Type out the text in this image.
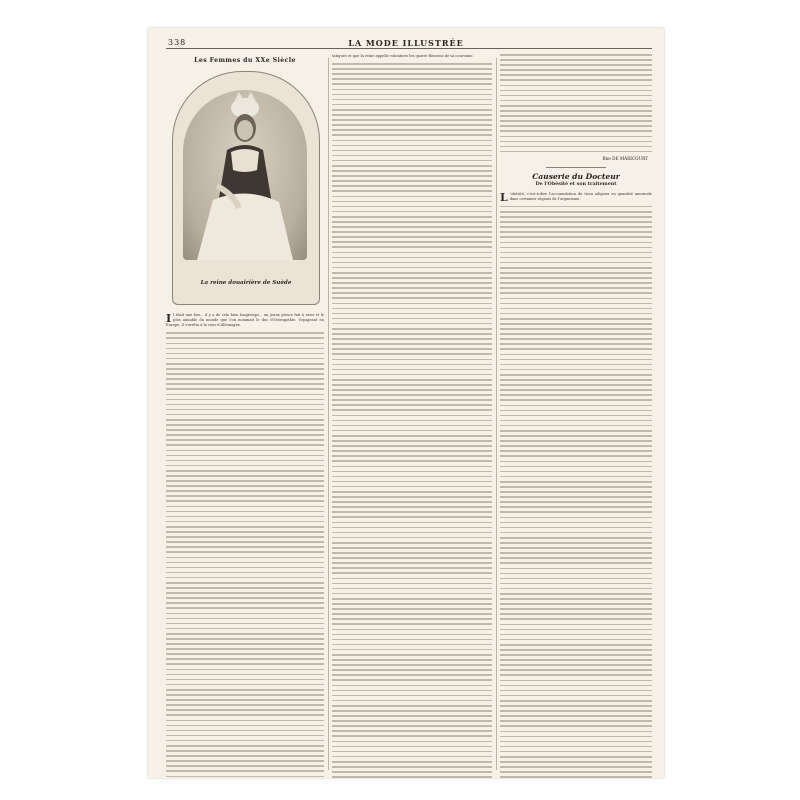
338	LA MODE ILLUSTRÉE
Les Femmes du XXe Siècle
La reine douairière de Suède
I l était une fois... il y a de cela bien longtemps... un jeune prince fait à ravir et le plus aimable du monde que l'on nommait le duc d'Ostrogothie. Voyageant en Europe, il s'arrêta à la cour d'Allemagne.
tatiques et que la reine appelle volontiers les quatre fleurons de sa couronne.
Bne DE MARICOURT
Causerie du Docteur
De l'Obésité et son traitement
L 'obésité, c'est-à-dire l'accumulation du tissu adipeux en quantité anormale dans certaines régions de l'organisme.
